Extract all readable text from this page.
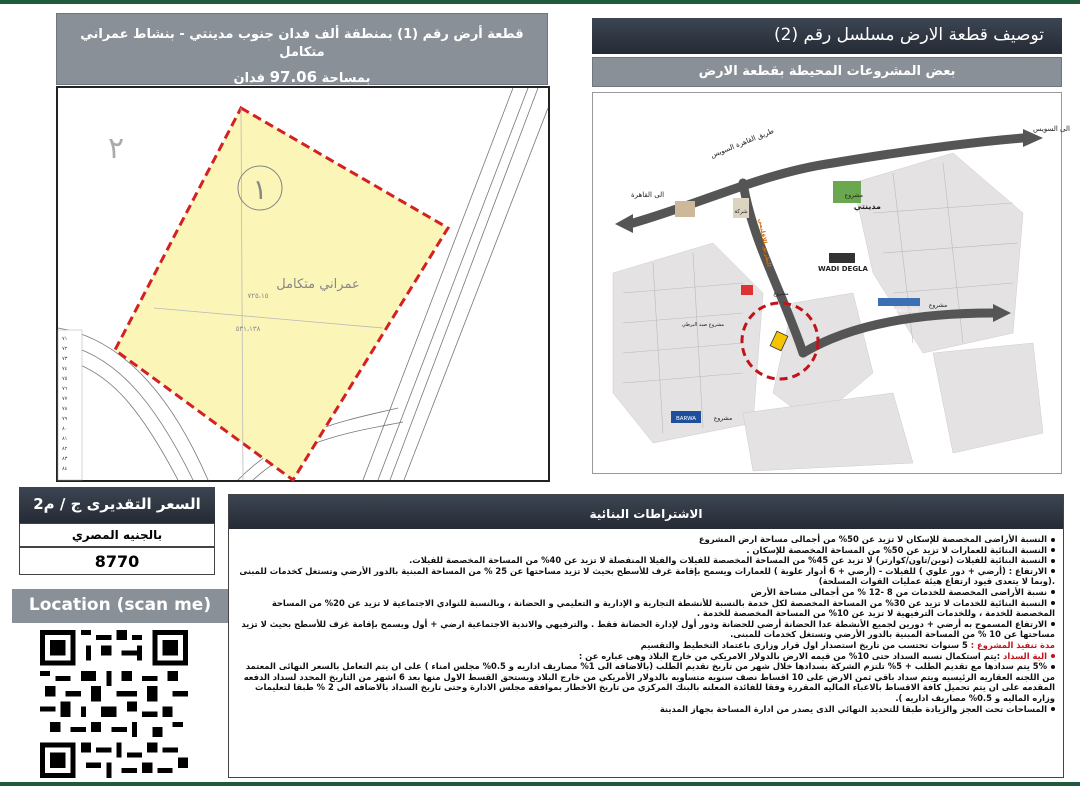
قطعة أرض رقم (1) بمنطقة ألف فدان جنوب مدينتي - بنشاط عمراني متكامل
بمساحة 97.06 فدان
توصيف قطعة الارض مسلسل رقم (2)
بعض المشروعات المحيطة بقطعة الارض
٧١
٧٢
٧٣
٧٤
٧٥
٧٦
٧٧
٧٨
٧٩
٨٠
٨١
٨٢
٨٣
٨٤
١
٢
عمراني متكامل
٧٢٥،١٥
٥٣١،١٣٨
الى السويس
طريق القاهرة السويس
الى القاهرة	مشروع
مدينتي
WADI DEGLA
MOSTAKBAL CITY
مشروع
BARWA	مشروع
شركة
مشروع صبد البرطي
مشروع
الطريق الاقليمي
السعر التقديرى ج / م2
بالجنيه المصري
8770
Location (scan me)
الاشتراطات البنائية
النسبة الأراضى المخصصة للإسكان لا تزيد عن 50% من أجمالى مساحة ارض المشروع
النسبة البنائية للعمارات لا تزيد عن 50% من المساحة المخصصة للإسكان .
النسبة البنائية للفيلات (توين/تاون/كوارتر) لا تزيد عن 45% من المساحة المخصصة للفيلات والفيلا المنفصلة لا تزيد عن 40% من المساحة المخصصة للفيلات.
الارتفاع : (أرضي + دور علوي ) للفيلات - (أرضي + 6 أدوار علوية ) للعمارات ويسمح بإقامة غرف للأسطح بحيث لا تزيد مساحتها عن 25 % من المساحة المبنية بالدور الأرضي وتستغل كخدمات للمبنى .(وبما لا يتعدى قيود ارتفاع هيئة عمليات القوات المسلحة)
نسبة الأراضى المخصصة للخدمات من 8 -12 % من أجمالى مساحة الأرض
النسبة البنائية للخدمات لا تزيد عن 30% من المساحة المخصصة لكل خدمة بالنسبة للأنشطة التجارية و الإدارية و التعليمي و الحضانة ، وبالنسبة للنوادي الاجتماعية لا تزيد عن 20% من المساحة المخصصة للخدمة ، وللخدمات الترفيهية لا تزيد عن 10% من المساحة المخصصة للخدمة .
الارتفاع المسموح به أرضي + دورين لجميع الأنشطة عدا الحضانة أرضي للحضانة ودور أول لإدارة الحضانة فقط . والترفيهي والاندية الاجتماعية ارضي + أول ويسمح بإقامة غرف للأسطح بحيث لا تزيد مساحتها عن 10 % من المساحة المبنية بالدور الأرضي وتستغل كخدمات للمبنى.
مدة تنفيذ المشروع : 5 سنوات تحتسب من تاريخ استصدار اول قرار وزارى باعتماد التخطيط والتقسيم
الية السداد :يتم استكمال نسبه السداد حتى 10% من قيمه الارض بالدولار الامريكي من خارج البلاد وهى عباره عن :
5% يتم سدادها مع تقديم الطلب + 5% تلتزم الشركة بسدادها خلال شهر من تاريخ تقديم الطلب (بالاضافه الى 1% مصاريف اداريه و 0.5% مجلس امناء ) على ان يتم التعامل بالسعر النهائى المعتمد من اللجنه العقاريه الرئيسيه ويتم سداد باقي ثمن الارض على 10 اقساط نصف سنويه متساويه بالدولار الأمريكي من خارج البلاد ويستحق القسط الاول منها بعد 6 اشهر من التاريخ المحدد لسداد الدفعه المقدمه على ان يتم تحميل كافة الاقساط بالاعباء الماليه المقررة وفقا للفائدة المعلنه بالبنك المركزي من تاريخ الاخطار بموافقه مجلس الادارة وحتى تاريخ السداد بالاضافه الى 2 % طبقا لتعليمات وزاره الماليه و 0.5% مصاريف اداريه ).
المساحات تحت العجز والزيادة طبقا للتحديد النهائي الذى يصدر من ادارة المساحة بجهاز المدينة
